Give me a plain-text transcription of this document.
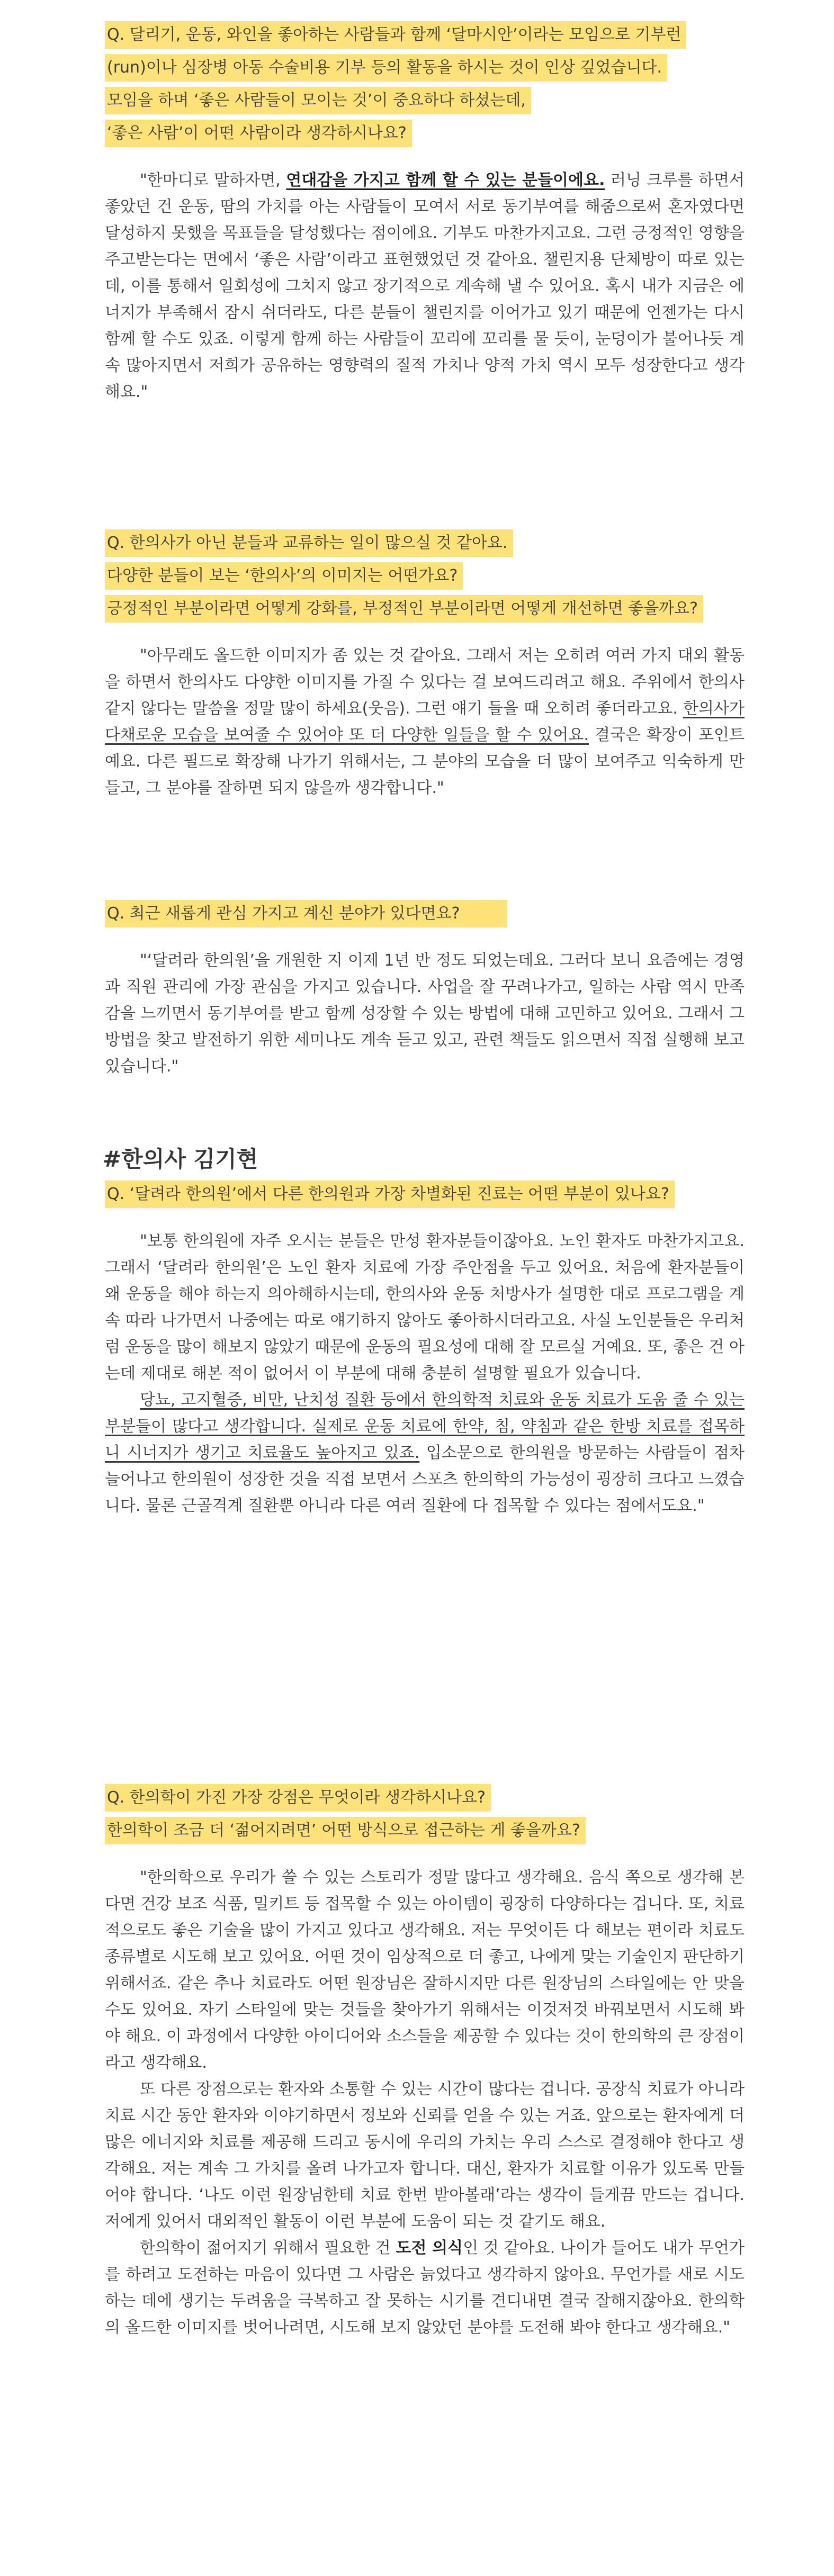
Q. 달리기, 운동, 와인을 좋아하는 사람들과 함께 ‘달마시안’이라는 모임으로 기부런
(run)이나 심장병 아동 수술비용 기부 등의 활동을 하시는 것이 인상 깊었습니다.
모임을 하며 ‘좋은 사람들이 모이는 것’이 중요하다 하셨는데,
‘좋은 사람’이 어떤 사람이라 생각하시나요?

"한마디로 말하자면, 연대감을 가지고 함께 할 수 있는 분들이에요. 러닝 크루를 하면서 좋았던 건 운동, 땀의 가치를 아는 사람들이 모여서 서로 동기부여를 해줌으로써 혼자였다면 달성하지 못했을 목표들을 달성했다는 점이에요. 기부도 마찬가지고요. 그런 긍정적인 영향을 주고받는다는 면에서 ‘좋은 사람’이라고 표현했었던 것 같아요. 챌린지용 단체방이 따로 있는데, 이를 통해서 일회성에 그치지 않고 장기적으로 계속해 낼 수 있어요. 혹시 내가 지금은 에너지가 부족해서 잠시 쉬더라도, 다른 분들이 챌린지를 이어가고 있기 때문에 언젠가는 다시 함께 할 수도 있죠. 이렇게 함께 하는 사람들이 꼬리에 꼬리를 물 듯이, 눈덩이가 불어나듯 계속 많아지면서 저희가 공유하는 영향력의 질적 가치나 양적 가치 역시 모두 성장한다고 생각해요."

Q. 한의사가 아닌 분들과 교류하는 일이 많으실 것 같아요.
다양한 분들이 보는 ‘한의사’의 이미지는 어떤가요?
긍정적인 부분이라면 어떻게 강화를, 부정적인 부분이라면 어떻게 개선하면 좋을까요?

"아무래도 올드한 이미지가 좀 있는 것 같아요. 그래서 저는 오히려 여러 가지 대외 활동을 하면서 한의사도 다양한 이미지를 가질 수 있다는 걸 보여드리려고 해요. 주위에서 한의사 같지 않다는 말씀을 정말 많이 하세요(웃음). 그런 얘기 들을 때 오히려 좋더라고요. 한의사가 다채로운 모습을 보여줄 수 있어야 또 더 다양한 일들을 할 수 있어요. 결국은 확장이 포인트예요. 다른 필드로 확장해 나가기 위해서는, 그 분야의 모습을 더 많이 보여주고 익숙하게 만들고, 그 분야를 잘하면 되지 않을까 생각합니다."

Q. 최근 새롭게 관심 가지고 계신 분야가 있다면요?

"‘달려라 한의원’을 개원한 지 이제 1년 반 정도 되었는데요. 그러다 보니 요즘에는 경영과 직원 관리에 가장 관심을 가지고 있습니다. 사업을 잘 꾸려나가고, 일하는 사람 역시 만족감을 느끼면서 동기부여를 받고 함께 성장할 수 있는 방법에 대해 고민하고 있어요. 그래서 그 방법을 찾고 발전하기 위한 세미나도 계속 듣고 있고, 관련 책들도 읽으면서 직접 실행해 보고 있습니다."

#한의사 김기현
Q. ‘달려라 한의원’에서 다른 한의원과 가장 차별화된 진료는 어떤 부분이 있나요?

"보통 한의원에 자주 오시는 분들은 만성 환자분들이잖아요. 노인 환자도 마찬가지고요. 그래서 ‘달려라 한의원’은 노인 환자 치료에 가장 주안점을 두고 있어요. 처음에 환자분들이 왜 운동을 해야 하는지 의아해하시는데, 한의사와 운동 처방사가 설명한 대로 프로그램을 계속 따라 나가면서 나중에는 따로 얘기하지 않아도 좋아하시더라고요. 사실 노인분들은 우리처럼 운동을 많이 해보지 않았기 때문에 운동의 필요성에 대해 잘 모르실 거예요. 또, 좋은 건 아는데 제대로 해본 적이 없어서 이 부분에 대해 충분히 설명할 필요가 있습니다.

당뇨, 고지혈증, 비만, 난치성 질환 등에서 한의학적 치료와 운동 치료가 도움 줄 수 있는 부분들이 많다고 생각합니다. 실제로 운동 치료에 한약, 침, 약침과 같은 한방 치료를 접목하니 시너지가 생기고 치료율도 높아지고 있죠. 입소문으로 한의원을 방문하는 사람들이 점차 늘어나고 한의원이 성장한 것을 직접 보면서 스포츠 한의학의 가능성이 굉장히 크다고 느꼈습니다. 물론 근골격계 질환뿐 아니라 다른 여러 질환에 다 접목할 수 있다는 점에서도요."

Q. 한의학이 가진 가장 강점은 무엇이라 생각하시나요?
한의학이 조금 더 ‘젊어지려면’ 어떤 방식으로 접근하는 게 좋을까요?

"한의학으로 우리가 쓸 수 있는 스토리가 정말 많다고 생각해요. 음식 쪽으로 생각해 본다면 건강 보조 식품, 밀키트 등 접목할 수 있는 아이템이 굉장히 다양하다는 겁니다. 또, 치료적으로도 좋은 기술을 많이 가지고 있다고 생각해요. 저는 무엇이든 다 해보는 편이라 치료도 종류별로 시도해 보고 있어요. 어떤 것이 임상적으로 더 좋고, 나에게 맞는 기술인지 판단하기 위해서죠. 같은 추나 치료라도 어떤 원장님은 잘하시지만 다른 원장님의 스타일에는 안 맞을 수도 있어요. 자기 스타일에 맞는 것들을 찾아가기 위해서는 이것저것 바꿔보면서 시도해 봐야 해요. 이 과정에서 다양한 아이디어와 소스들을 제공할 수 있다는 것이 한의학의 큰 장점이라고 생각해요.

또 다른 장점으로는 환자와 소통할 수 있는 시간이 많다는 겁니다. 공장식 치료가 아니라 치료 시간 동안 환자와 이야기하면서 정보와 신뢰를 얻을 수 있는 거죠. 앞으로는 환자에게 더 많은 에너지와 치료를 제공해 드리고 동시에 우리의 가치는 우리 스스로 결정해야 한다고 생각해요. 저는 계속 그 가치를 올려 나가고자 합니다. 대신, 환자가 치료할 이유가 있도록 만들어야 합니다. ‘나도 이런 원장님한테 치료 한번 받아볼래’라는 생각이 들게끔 만드는 겁니다. 저에게 있어서 대외적인 활동이 이런 부분에 도움이 되는 것 같기도 해요.

한의학이 젊어지기 위해서 필요한 건 도전 의식인 것 같아요. 나이가 들어도 내가 무언가를 하려고 도전하는 마음이 있다면 그 사람은 늙었다고 생각하지 않아요. 무언가를 새로 시도하는 데에 생기는 두려움을 극복하고 잘 못하는 시기를 견디내면 결국 잘해지잖아요. 한의학의 올드한 이미지를 벗어나려면, 시도해 보지 않았던 분야를 도전해 봐야 한다고 생각해요."
